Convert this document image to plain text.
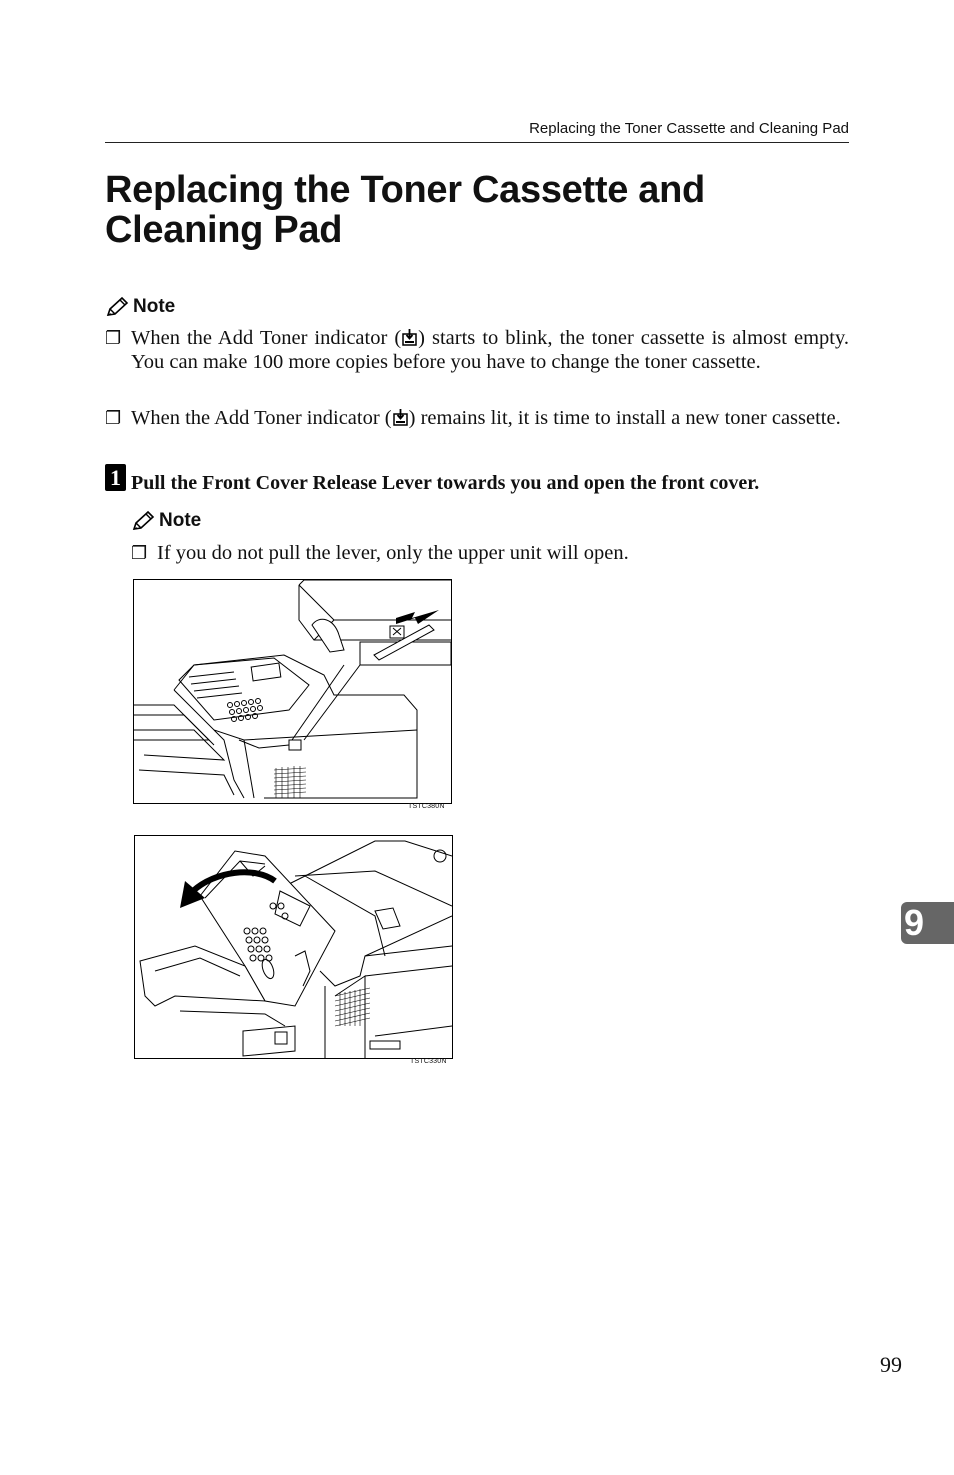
Replacing the Toner Cassette and Cleaning Pad
Replacing the Toner Cassette and
Cleaning Pad
Note
❐ When the Add Toner indicator ( ) starts to blink, the toner cassette is almost empty. You can make 100 more copies before you have to change the toner cassette.
❐ When the Add Toner indicator ( ) remains lit, it is time to install a new toner cassette.
1 Pull the Front Cover Release Lever towards you and open the front cover.
Note
❐ If you do not pull the lever, only the upper unit will open.
TSTC380N
TSTC330N
9
99
